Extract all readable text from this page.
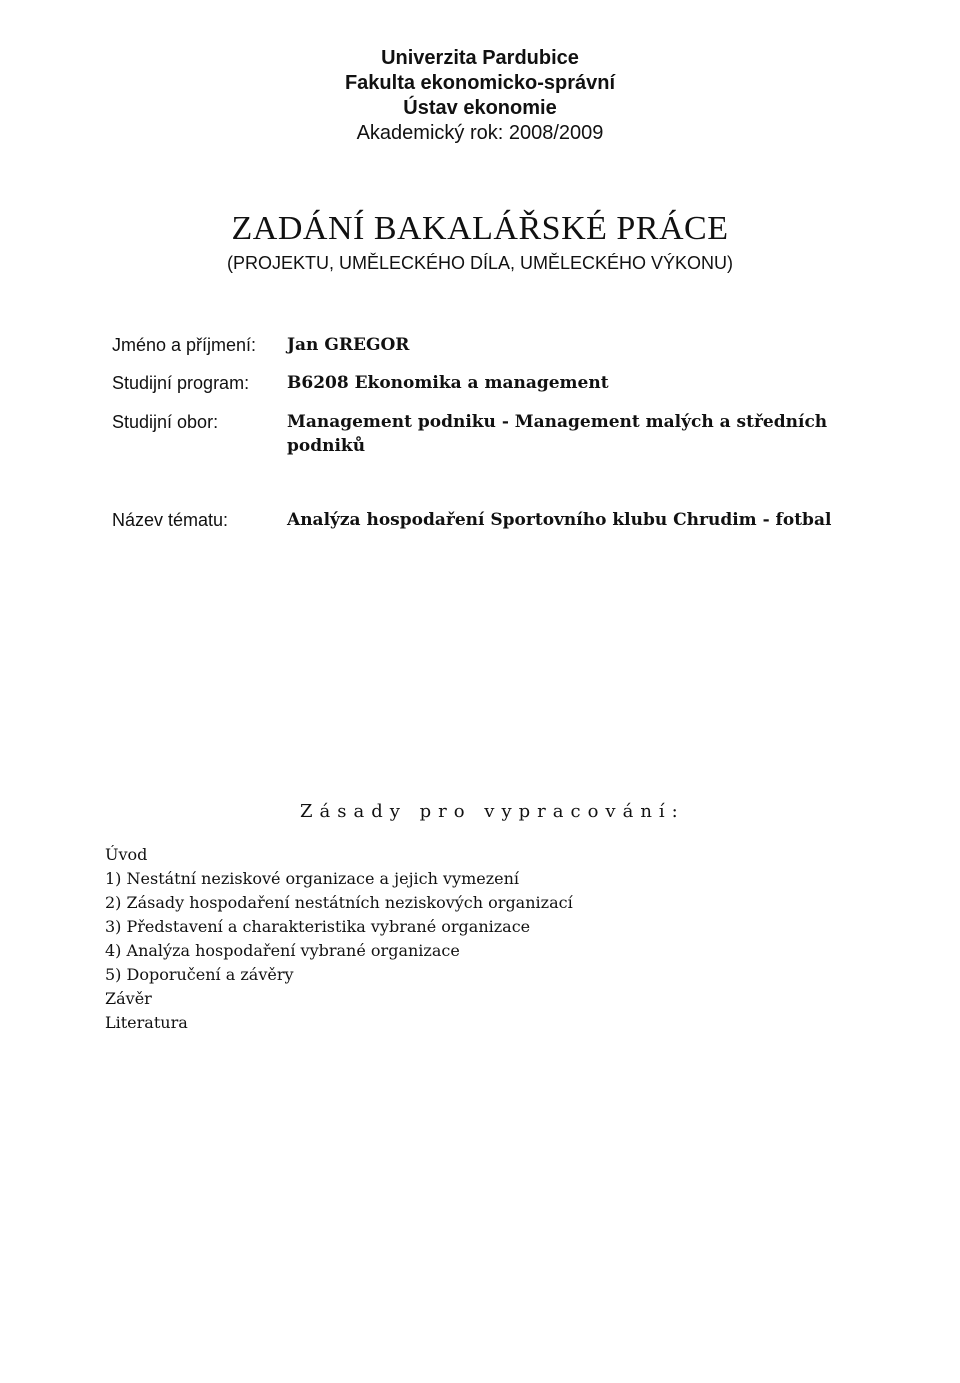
Univerzita Pardubice
Fakulta ekonomicko-správní
Ústav ekonomie
Akademický rok: 2008/2009
ZADÁNÍ BAKALÁŘSKÉ PRÁCE
(PROJEKTU, UMĚLECKÉHO DÍLA, UMĚLECKÉHO VÝKONU)
Jméno a příjmení: Jan GREGOR
Studijní program: B6208 Ekonomika a management
Studijní obor:	Management podniku - Management malých a středních podniků
Název tématu:	Analýza hospodaření Sportovního klubu Chrudim - fotbal
Zásady pro vypracování:
Úvod
1) Nestátní neziskové organizace a jejich vymezení
2) Zásady hospodaření nestátních neziskových organizací
3) Představení a charakteristika vybrané organizace
4) Analýza hospodaření vybrané organizace
5) Doporučení a závěry
Závěr
Literatura
